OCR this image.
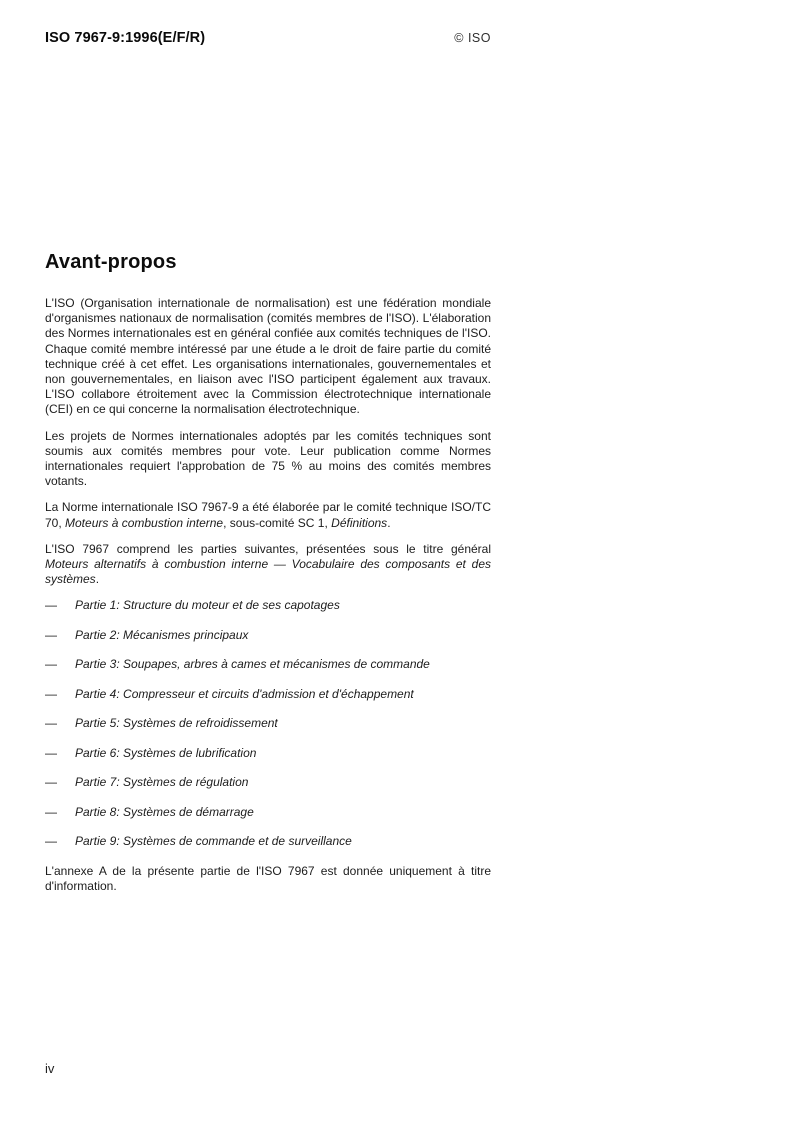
ISO 7967-9:1996(E/F/R)	© ISO
Avant-propos

L'ISO (Organisation internationale de normalisation) est une fédération mondiale d'organismes nationaux de normalisation (comités membres de l'ISO). L'élaboration des Normes internationales est en général confiée aux comités techniques de l'ISO. Chaque comité membre intéressé par une étude a le droit de faire partie du comité technique créé à cet effet. Les organisations internationales, gouvernementales et non gouvernementales, en liaison avec l'ISO participent également aux travaux. L'ISO collabore étroitement avec la Commission électrotechnique internationale (CEI) en ce qui concerne la normalisation électrotechnique.

Les projets de Normes internationales adoptés par les comités techniques sont soumis aux comités membres pour vote. Leur publication comme Normes internationales requiert l'approbation de 75 % au moins des comités membres votants.

La Norme internationale ISO 7967-9 a été élaborée par le comité technique ISO/TC 70, Moteurs à combustion interne, sous-comité SC 1, Définitions.

L'ISO 7967 comprend les parties suivantes, présentées sous le titre général Moteurs alternatifs à combustion interne — Vocabulaire des composants et des systèmes.

—	Partie 1: Structure du moteur et de ses capotages
—	Partie 2: Mécanismes principaux
—	Partie 3: Soupapes, arbres à cames et mécanismes de commande
—	Partie 4: Compresseur et circuits d'admission et d'échappement
—	Partie 5: Systèmes de refroidissement
—	Partie 6: Systèmes de lubrification
—	Partie 7: Systèmes de régulation
—	Partie 8: Systèmes de démarrage
—	Partie 9: Systèmes de commande et de surveillance

L'annexe A de la présente partie de l'ISO 7967 est donnée uniquement à titre d'information.

iv
